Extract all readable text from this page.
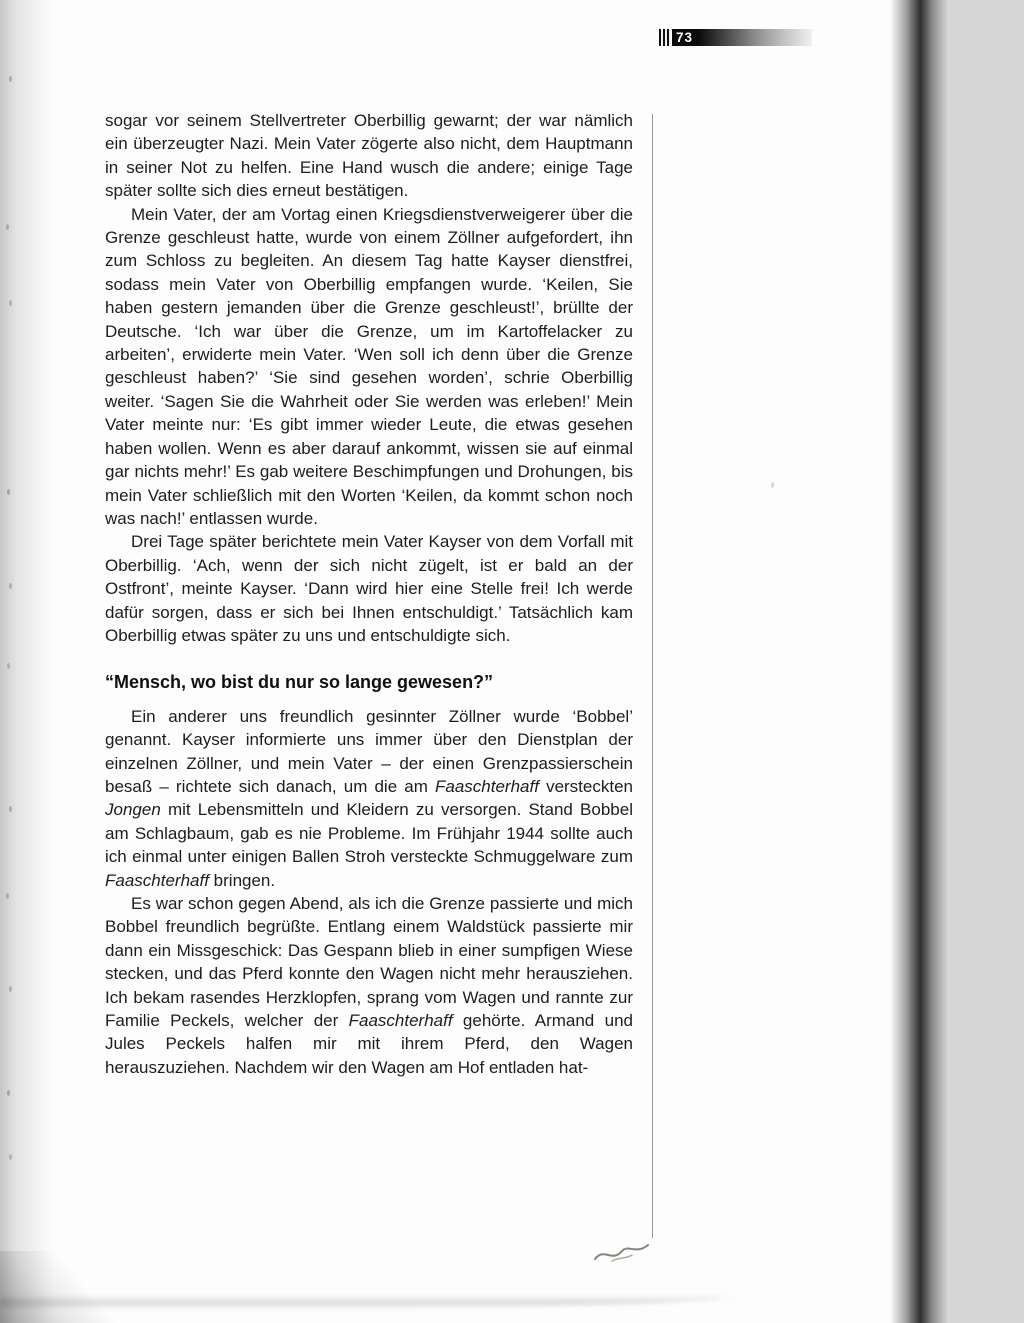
73

sogar vor seinem Stellvertreter Oberbillig gewarnt; der war nämlich ein überzeugter Nazi. Mein Vater zögerte also nicht, dem Hauptmann in seiner Not zu helfen. Eine Hand wusch die andere; einige Tage später sollte sich dies erneut bestätigen.

Mein Vater, der am Vortag einen Kriegsdienstverweigerer über die Grenze geschleust hatte, wurde von einem Zöllner aufgefordert, ihn zum Schloss zu begleiten. An diesem Tag hatte Kayser dienstfrei, sodass mein Vater von Oberbillig empfangen wurde. ‘Keilen, Sie haben gestern jemanden über die Grenze geschleust!’, brüllte der Deutsche. ‘Ich war über die Grenze, um im Kartoffelacker zu arbeiten’, erwiderte mein Vater. ‘Wen soll ich denn über die Grenze geschleust haben?’ ‘Sie sind gesehen worden’, schrie Oberbillig weiter. ‘Sagen Sie die Wahrheit oder Sie werden was erleben!’ Mein Vater meinte nur: ‘Es gibt immer wieder Leute, die etwas gesehen haben wollen. Wenn es aber darauf ankommt, wissen sie auf einmal gar nichts mehr!’ Es gab weitere Beschimpfungen und Drohungen, bis mein Vater schließlich mit den Worten ‘Keilen, da kommt schon noch was nach!’ entlassen wurde.

Drei Tage später berichtete mein Vater Kayser von dem Vorfall mit Oberbillig. ‘Ach, wenn der sich nicht zügelt, ist er bald an der Ostfront’, meinte Kayser. ‘Dann wird hier eine Stelle frei! Ich werde dafür sorgen, dass er sich bei Ihnen entschuldigt.’ Tatsächlich kam Oberbillig etwas später zu uns und entschuldigte sich.

“Mensch, wo bist du nur so lange gewesen?”

Ein anderer uns freundlich gesinnter Zöllner wurde ‘Bobbel’ genannt. Kayser informierte uns immer über den Dienstplan der einzelnen Zöllner, und mein Vater – der einen Grenzpassierschein besaß – richtete sich danach, um die am Faaschterhaff versteckten Jongen mit Lebensmitteln und Kleidern zu versorgen. Stand Bobbel am Schlagbaum, gab es nie Probleme. Im Frühjahr 1944 sollte auch ich einmal unter einigen Ballen Stroh versteckte Schmuggelware zum Faaschterhaff bringen.

Es war schon gegen Abend, als ich die Grenze passierte und mich Bobbel freundlich begrüßte. Entlang einem Waldstück passierte mir dann ein Missgeschick: Das Gespann blieb in einer sumpfigen Wiese stecken, und das Pferd konnte den Wagen nicht mehr herausziehen. Ich bekam rasendes Herzklopfen, sprang vom Wagen und rannte zur Familie Peckels, welcher der Faaschterhaff gehörte. Armand und Jules Peckels halfen mir mit ihrem Pferd, den Wagen herauszuziehen. Nachdem wir den Wagen am Hof entladen hat-
